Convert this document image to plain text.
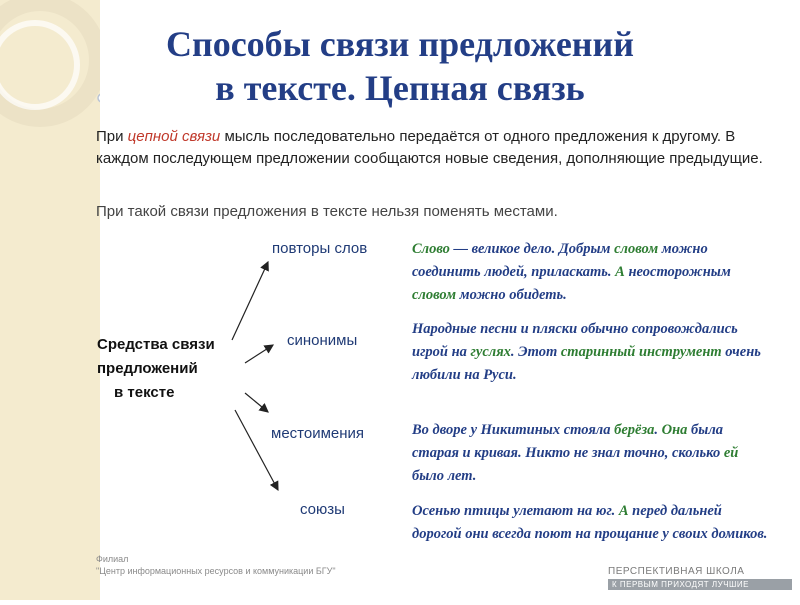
Способы связи предложений
в тексте. Цепная связь
При цепной связи мысль последовательно передаётся от одного предложения к другому. В каждом последующем предложении сообщаются новые сведения, дополняющие предыдущие.
При такой связи предложения в тексте нельзя поменять местами.
Средства связи
предложений

в тексте
повторы слов
синонимы
местоимения
союзы
Слово — великое дело. Добрым словом можно соединить людей, приласкать. А неосторожным словом можно обидеть.
Народные песни и пляски обычно сопровождались игрой на гуслях. Этот старинный инструмент очень любили на Руси.
Во дворе у Никитиных стояла берёза. Она была старая и кривая. Никто не знал точно, сколько ей было лет.
Осенью птицы улетают на юг. А перед дальней дорогой они всегда поют на прощание у своих домиков.
Филиал
"Центр информационных ресурсов и коммуникации БГУ"	ПЕРСПЕКТИВНАЯ ШКОЛА
К ПЕРВЫМ ПРИХОДЯТ ЛУЧШИЕ
